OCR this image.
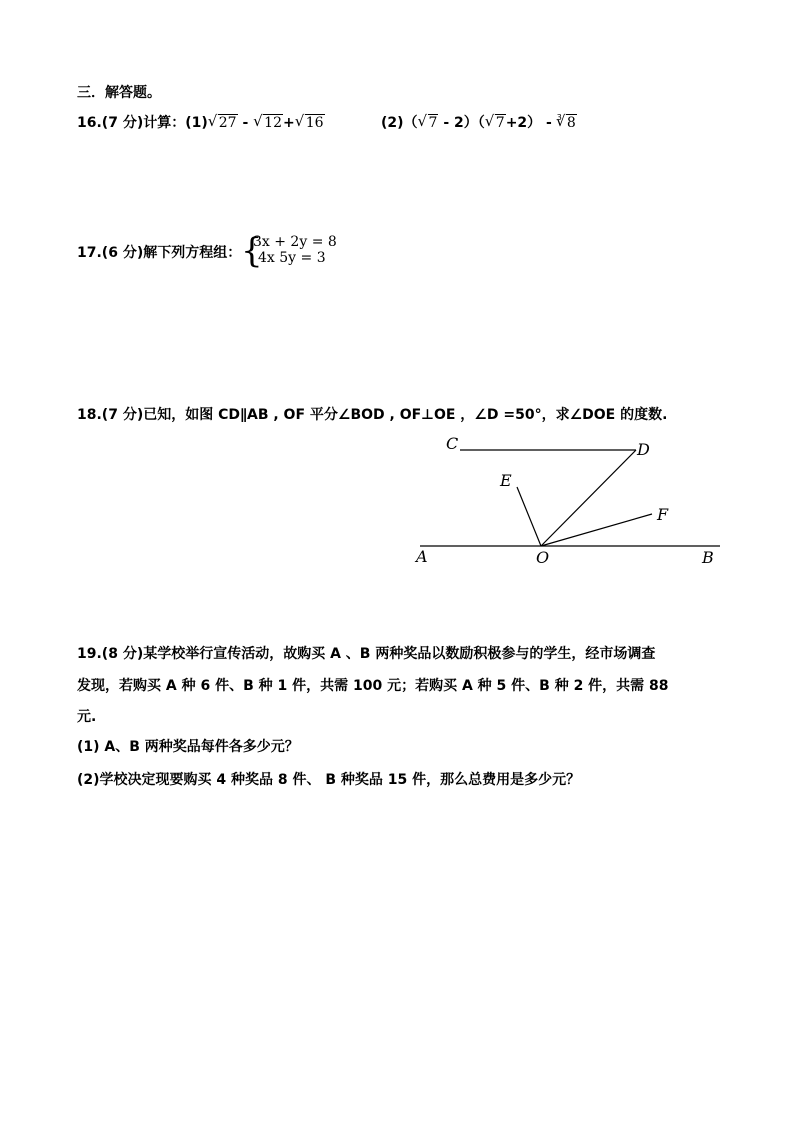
三．解答题。
16.(7 分)计算：(1) √ 27 - √ 12+ √ 16	(2)（ √ 7 - 2）（ √ 7+2） - $^3$ √ 8
17.(6 分)解下列方程组： {
3x + 2y = 8
4x 5y = 3
18.(7 分)已知，如图 CD∥AB , OF 平分∠BOD , OF⊥OE ，∠D =50°，求∠DOE 的度数.
C	D
E
F
A	O	B
19.(8 分)某学校举行宣传活动，故购买 A 、B 两种奖品以数励积极参与的学生，经市场调查
发现，若购买 A 种 6 件、B 种 1 件，共需 100 元；若购买 A 种 5 件、B 种 2 件，共需 88
元.
(1) A、B 两种奖品每件各多少元？
(2)学校决定现要购买 4 种奖品 8 件、 B 种奖品 15 件，那么总费用是多少元？
